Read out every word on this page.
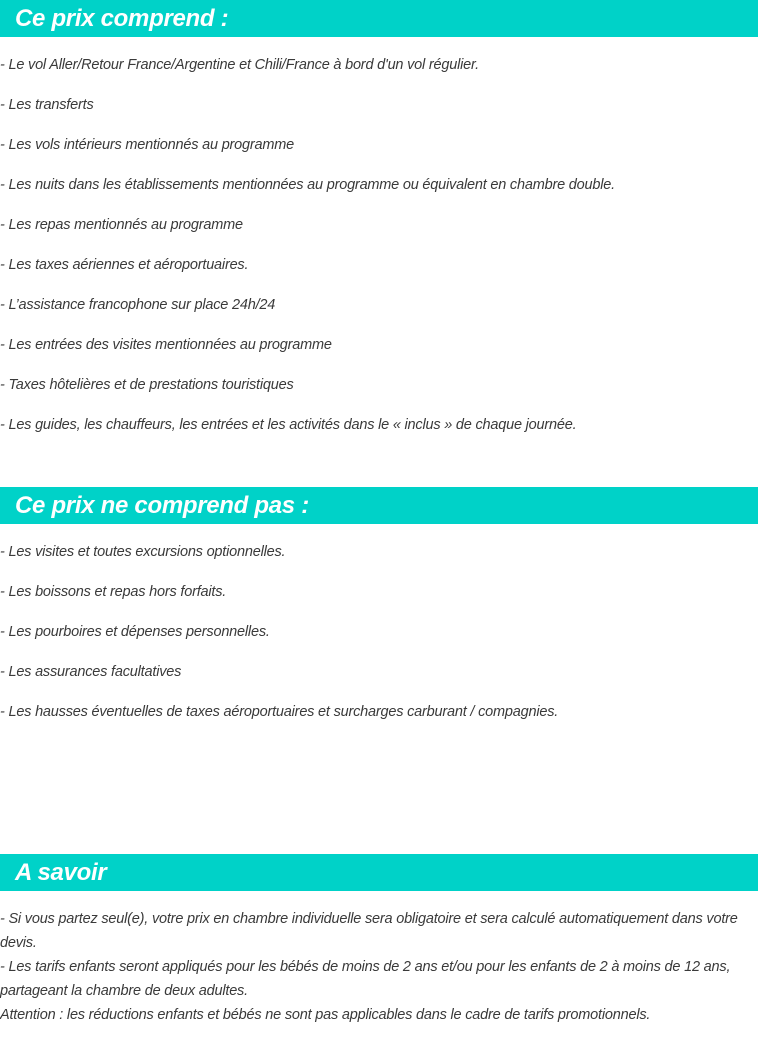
Ce prix comprend :
- Le vol Aller/Retour France/Argentine et Chili/France à bord d'un vol régulier.
- Les transferts
- Les vols intérieurs mentionnés au programme
- Les nuits dans les établissements mentionnées au programme ou équivalent en chambre double.
- Les repas mentionnés au programme
- Les taxes aériennes et aéroportuaires.
- L’assistance francophone sur place 24h/24
- Les entrées des visites mentionnées au programme
- Taxes hôtelières et de prestations touristiques
- Les guides, les chauffeurs, les entrées et les activités dans le « inclus » de chaque journée.
Ce prix ne comprend pas :
- Les visites et toutes excursions optionnelles.
- Les boissons et repas hors forfaits.
- Les pourboires et dépenses personnelles.
- Les assurances facultatives
- Les hausses éventuelles de taxes aéroportuaires et surcharges carburant / compagnies.
A savoir

- Si vous partez seul(e), votre prix en chambre individuelle sera obligatoire et sera calculé automatiquement dans votre devis.

- Les tarifs enfants seront appliqués pour les bébés de moins de 2 ans et/ou pour les enfants de 2 à moins de 12 ans, partageant la chambre de deux adultes.

Attention : les réductions enfants et bébés ne sont pas applicables dans le cadre de tarifs promotionnels.
